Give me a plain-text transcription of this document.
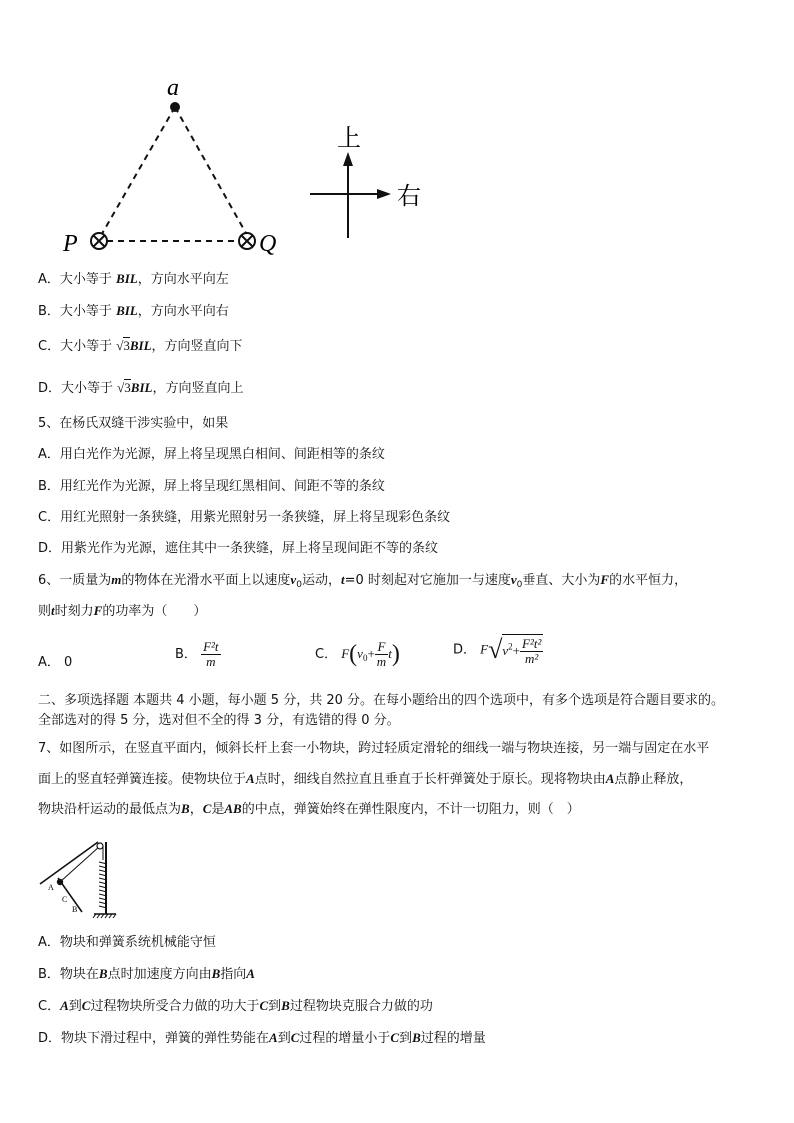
a
P	Q
上
右
A．大小等于 BIL，方向水平向左
B．大小等于 BIL，方向水平向右
C．大小等于 √3BIL，方向竖直向下
D．大小等于 √3BIL，方向竖直向上
5、在杨氏双缝干涉实验中，如果
A．用白光作为光源，屏上将呈现黑白相间、间距相等的条纹
B．用红光作为光源，屏上将呈现红黑相间、间距不等的条纹
C．用红光照射一条狭缝，用紫光照射另一条狭缝，屏上将呈现彩色条纹
D．用紫光作为光源，遮住其中一条狭缝，屏上将呈现间距不等的条纹
6、一质量为m的物体在光滑水平面上以速度$v_0$运动，t=0 时刻起对它施加一与速度$v_0$垂直、大小为F的水平恒力，
则t时刻力F的功率为（　　）
A． 0
B． $\frac{\text{F²t}}{m}$	C． $F(v_0+ \frac{F}{m} t)$	D． $F√v^2+ \frac{\text{F²t²}}{\text{m²}}$
二、多项选择题 本题共 4 小题，每小题 5 分，共 20 分。在每小题给出的四个选项中，有多个选项是符合题目要求的。
全部选对的得 5 分，选对但不全的得 3 分，有选错的得 0 分。
7、如图所示，在竖直平面内，倾斜长杆上套一小物块，跨过轻质定滑轮的细线一端与物块连接，另一端与固定在水平
面上的竖直轻弹簧连接。使物块位于A点时，细线自然拉直且垂直于长杆弹簧处于原长。现将物块由A点静止释放，
物块沿杆运动的最低点为B，C是AB的中点，弹簧始终在弹性限度内，不计一切阻力，则（　）
A
C
B
A．物块和弹簧系统机械能守恒
B．物块在B点时加速度方向由B指向A
C．A到C过程物块所受合力做的功大于C到B过程物块克服合力做的功
D．物块下滑过程中，弹簧的弹性势能在A到C过程的增量小于C到B过程的增量
